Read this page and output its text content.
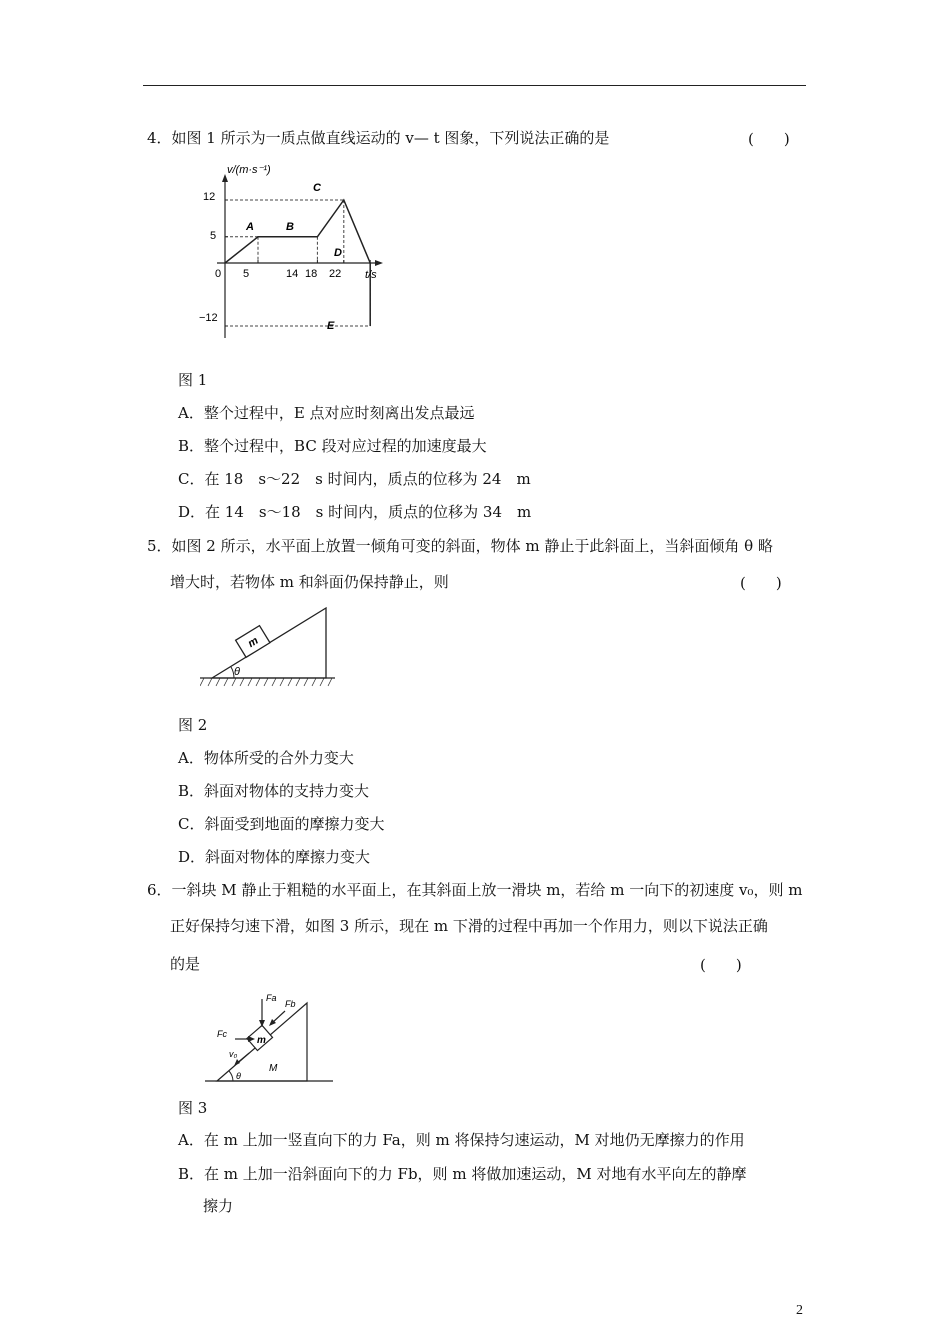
4．如图 1 所示为一质点做直线运动的 v— t 图象，下列说法正确的是	(　　)
v/(m·s⁻¹)
t/s
12
5
0
−12
5	14 18 22
A	B
C
D
E
图 1
A．整个过程中，E 点对应时刻离出发点最远
B．整个过程中，BC 段对应过程的加速度最大
C．在 18　s～22　s 时间内，质点的位移为 24　m
D．在 14　s～18　s 时间内，质点的位移为 34　m
5．如图 2 所示，水平面上放置一倾角可变的斜面，物体 m 静止于此斜面上，当斜面倾角 θ 略
增大时，若物体 m 和斜面仍保持静止，则	(　　)
m
θ
图 2
A．物体所受的合外力变大
B．斜面对物体的支持力变大
C．斜面受到地面的摩擦力变大
D．斜面对物体的摩擦力变大
6．一斜块 M 静止于粗糙的水平面上，在其斜面上放一滑块 m，若给 m 一向下的初速度 v₀，则 m
正好保持匀速下滑，如图 3 所示，现在 m 下滑的过程中再加一个作用力，则以下说法正确
的是	(　　)
m
Fa
Fb
Fc
v₀
M
θ
图 3
A．在 m 上加一竖直向下的力 Fa，则 m 将保持匀速运动，M 对地仍无摩擦力的作用
B．在 m 上加一沿斜面向下的力 Fb，则 m 将做加速运动，M 对地有水平向左的静摩
擦力
2
